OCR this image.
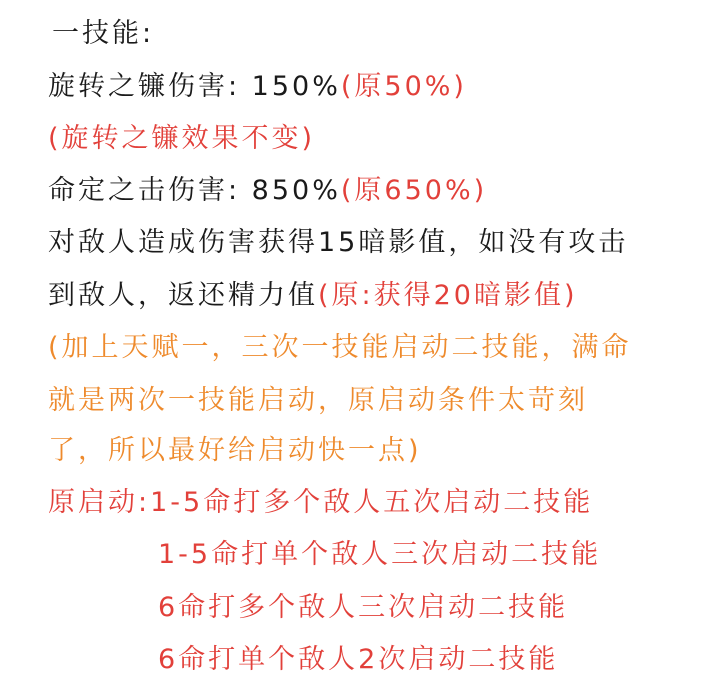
一技能:
旋转之镰伤害: 150%(原50%)
(旋转之镰效果不变)
命定之击伤害: 850%(原650%)
对敌人造成伤害获得15暗影值，如没有攻击
到敌人，返还精力值(原:获得20暗影值)
(加上天赋一，三次一技能启动二技能，满命
就是两次一技能启动，原启动条件太苛刻
了，所以最好给启动快一点)
原启动:1-5命打多个敌人五次启动二技能
1-5命打单个敌人三次启动二技能
6命打多个敌人三次启动二技能
6命打单个敌人2次启动二技能
